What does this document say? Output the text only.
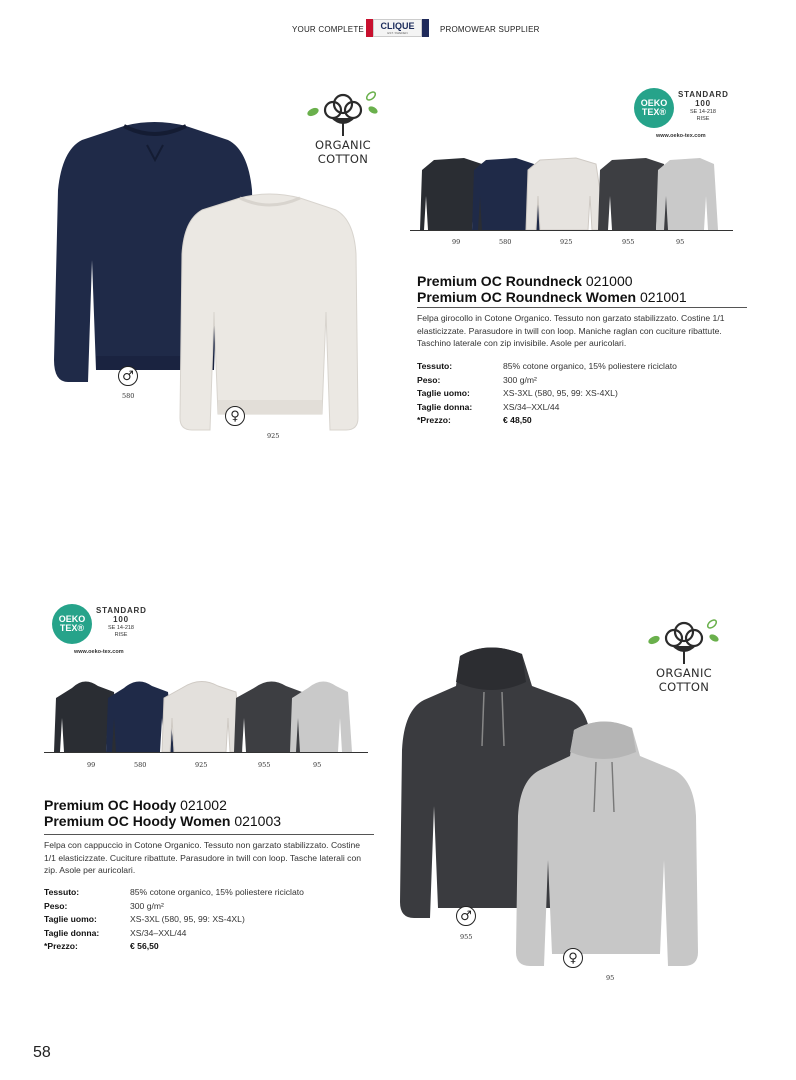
YOUR COMPLETE CLIQUE
EST. SWEDEN	PROMOWEAR SUPPLIER
♂
580
♀
925
ORGANIC
COTTON
OEKO
TEX®
STANDARD
100
SE 14-218
RISE
www.oeko-tex.com
99	580	925	955	95
Premium OC Roundneck 021000
Premium OC Roundneck Women 021001
Felpa girocollo in Cotone Organico. Tessuto non garzato stabilizzato. Costine 1/1
elasticizzate. Parasudore in twill con loop. Maniche raglan con cuciture ribattute.
Taschino laterale con zip invisibile. Asole per auricolari.
Tessuto:	85% cotone organico, 15% poliestere riciclato
Peso:	300 g/m²
Taglie uomo:	XS-3XL (580, 95, 99: XS-4XL)
Taglie donna:	XS/34–XXL/44
*Prezzo:	€ 48,50
OEKO
TEX®
STANDARD
100
SE 14-218
RISE
www.oeko-tex.com
99	580	925	955	95
Premium OC Hoody 021002
Premium OC Hoody Women 021003
Felpa con cappuccio in Cotone Organico. Tessuto non garzato stabilizzato. Costine
1/1 elasticizzate. Cuciture ribattute. Parasudore in twill con loop. Tasche laterali con
zip. Asole per auricolari.
Tessuto:	85% cotone organico, 15% poliestere riciclato
Peso:	300 g/m²
Taglie uomo:	XS-3XL (580, 95, 99: XS-4XL)
Taglie donna:	XS/34–XXL/44
*Prezzo:	€ 56,50
♂
955
♀
95
ORGANIC
COTTON
58
